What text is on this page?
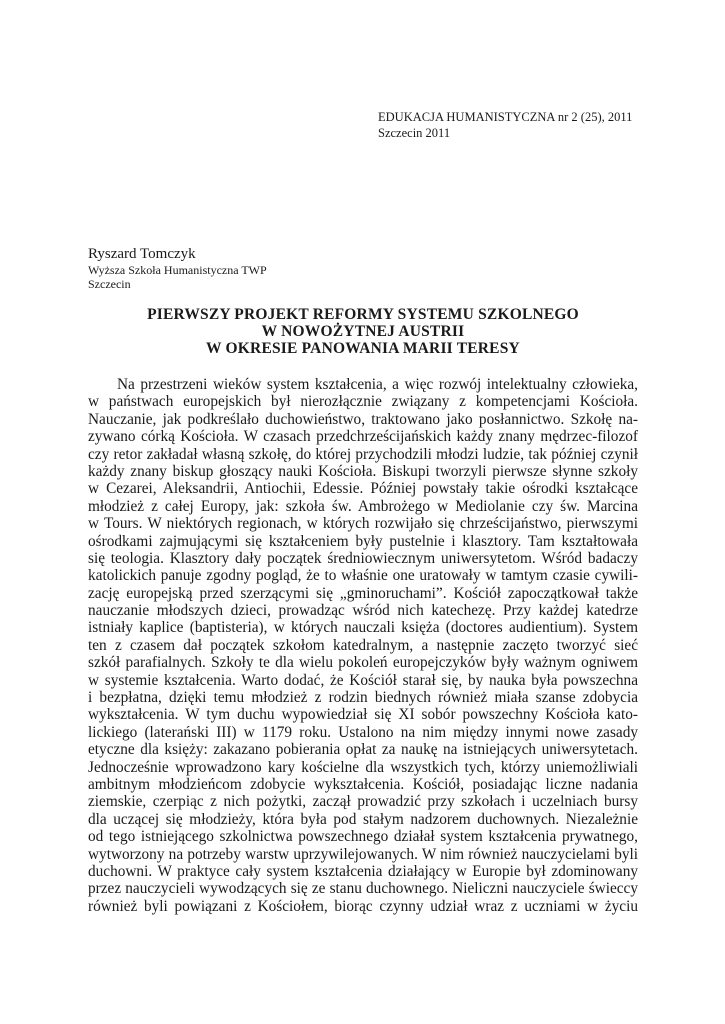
EDUKACJA HUMANISTYCZNA nr 2 (25), 2011
Szczecin 2011
Ryszard Tomczyk
Wyższa Szkoła Humanistyczna TWP
Szczecin
PIERWSZY PROJEKT REFORMY SYSTEMU SZKOLNEGO
W NOWOŻYTNEJ AUSTRII
W OKRESIE PANOWANIA MARII TERESY
Na przestrzeni wieków system kształcenia, a więc rozwój intelektualny człowieka,
w państwach europejskich był nierozłącznie związany z kompetencjami Kościoła.
Nauczanie, jak podkreślało duchowieństwo, traktowano jako posłannictwo. Szkołę na-
zywano córką Kościoła. W czasach przedchrześcijańskich każdy znany mędrzec-filozof
czy retor zakładał własną szkołę, do której przychodzili młodzi ludzie, tak później czynił
każdy znany biskup głoszący nauki Kościoła. Biskupi tworzyli pierwsze słynne szkoły
w Cezarei, Aleksandrii, Antiochii, Edessie. Później powstały takie ośrodki kształcące
młodzież z całej Europy, jak: szkoła św. Ambrożego w Mediolanie czy św. Marcina
w Tours. W niektórych regionach, w których rozwijało się chrześcijaństwo, pierwszymi
ośrodkami zajmującymi się kształceniem były pustelnie i klasztory. Tam kształtowała
się teologia. Klasztory dały początek średniowiecznym uniwersytetom. Wśród badaczy
katolickich panuje zgodny pogląd, że to właśnie one uratowały w tamtym czasie cywili-
zację europejską przed szerzącymi się „gminoruchami”. Kościół zapoczątkował także
nauczanie młodszych dzieci, prowadząc wśród nich katechezę. Przy każdej katedrze
istniały kaplice (baptisteria), w których nauczali księża (doctores audientium). System
ten z czasem dał początek szkołom katedralnym, a następnie zaczęto tworzyć sieć
szkół parafialnych. Szkoły te dla wielu pokoleń europejczyków były ważnym ogniwem
w systemie kształcenia. Warto dodać, że Kościół starał się, by nauka była powszechna
i bezpłatna, dzięki temu młodzież z rodzin biednych również miała szanse zdobycia
wykształcenia. W tym duchu wypowiedział się XI sobór powszechny Kościoła kato-
lickiego (laterański III) w 1179 roku. Ustalono na nim między innymi nowe zasady
etyczne dla księży: zakazano pobierania opłat za naukę na istniejących uniwersytetach.
Jednocześnie wprowadzono kary kościelne dla wszystkich tych, którzy uniemożliwiali
ambitnym młodzieńcom zdobycie wykształcenia. Kościół, posiadając liczne nadania
ziemskie, czerpiąc z nich pożytki, zaczął prowadzić przy szkołach i uczelniach bursy
dla uczącej się młodzieży, która była pod stałym nadzorem duchownych. Niezależnie
od tego istniejącego szkolnictwa powszechnego działał system kształcenia prywatnego,
wytworzony na potrzeby warstw uprzywilejowanych. W nim również nauczycielami byli
duchowni. W praktyce cały system kształcenia działający w Europie był zdominowany
przez nauczycieli wywodzących się ze stanu duchownego. Nieliczni nauczyciele świeccy
również byli powiązani z Kościołem, biorąc czynny udział wraz z uczniami w życiu
